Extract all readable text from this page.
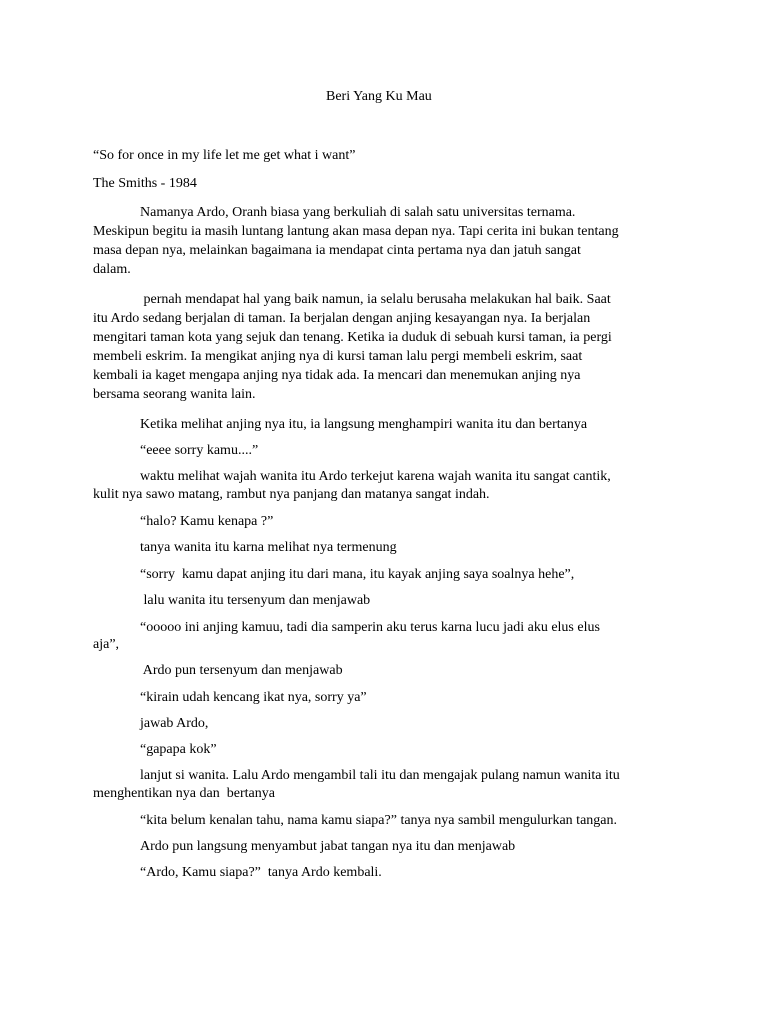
Beri Yang Ku Mau
“So for once in my life let me get what i want”
The Smiths - 1984
Namanya Ardo, Oranh biasa yang berkuliah di salah satu universitas ternama.
Meskipun begitu ia masih luntang lantung akan masa depan nya. Tapi cerita ini bukan tentang
masa depan nya, melainkan bagaimana ia mendapat cinta pertama nya dan jatuh sangat
dalam.
pernah mendapat hal yang baik namun, ia selalu berusaha melakukan hal baik. Saat
itu Ardo sedang berjalan di taman. Ia berjalan dengan anjing kesayangan nya. Ia berjalan
mengitari taman kota yang sejuk dan tenang. Ketika ia duduk di sebuah kursi taman, ia pergi
membeli eskrim. Ia mengikat anjing nya di kursi taman lalu pergi membeli eskrim, saat
kembali ia kaget mengapa anjing nya tidak ada. Ia mencari dan menemukan anjing nya
bersama seorang wanita lain.
Ketika melihat anjing nya itu, ia langsung menghampiri wanita itu dan bertanya
“eeee sorry kamu....”
waktu melihat wajah wanita itu Ardo terkejut karena wajah wanita itu sangat cantik,
kulit nya sawo matang, rambut nya panjang dan matanya sangat indah.
“halo? Kamu kenapa ?”
tanya wanita itu karna melihat nya termenung
“sorry  kamu dapat anjing itu dari mana, itu kayak anjing saya soalnya hehe”,
lalu wanita itu tersenyum dan menjawab
“ooooo ini anjing kamuu, tadi dia samperin aku terus karna lucu jadi aku elus elus
aja”,
Ardo pun tersenyum dan menjawab
“kirain udah kencang ikat nya, sorry ya”
jawab Ardo,
“gapapa kok”
lanjut si wanita. Lalu Ardo mengambil tali itu dan mengajak pulang namun wanita itu
menghentikan nya dan  bertanya
“kita belum kenalan tahu, nama kamu siapa?” tanya nya sambil mengulurkan tangan.
Ardo pun langsung menyambut jabat tangan nya itu dan menjawab
“Ardo, Kamu siapa?”  tanya Ardo kembali.
